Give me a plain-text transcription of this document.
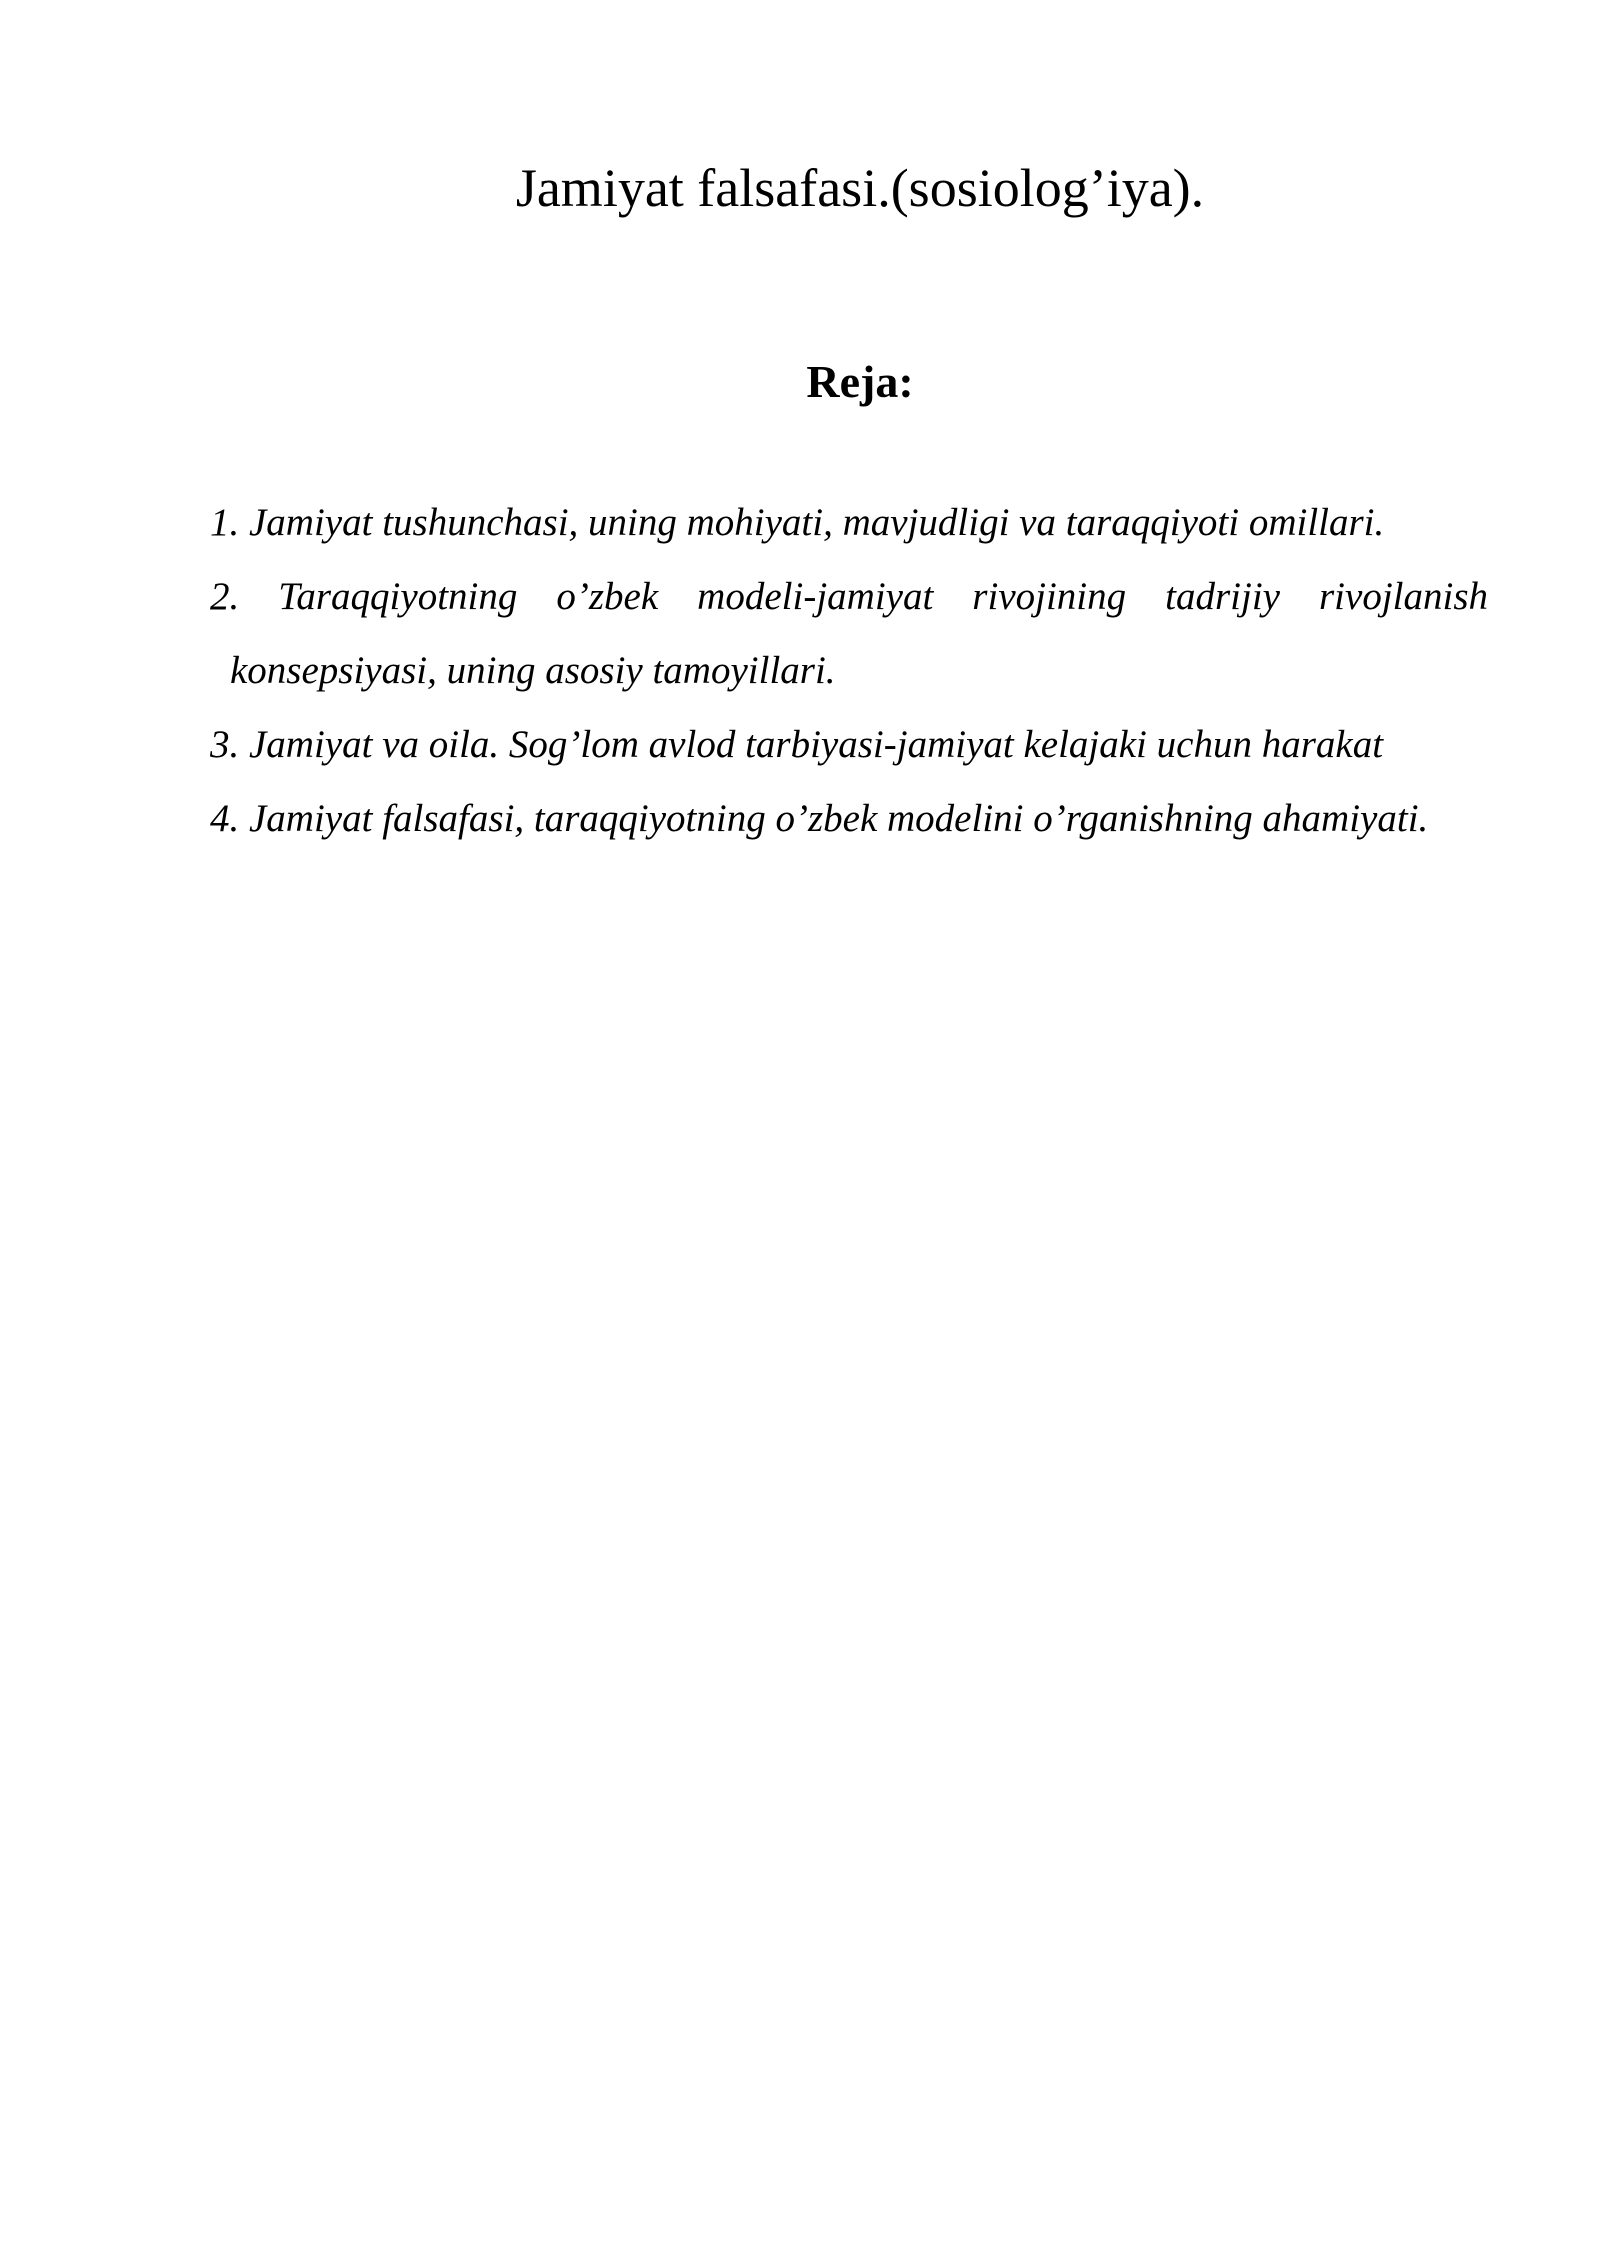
Jamiyat falsafasi.(sosiolog’iya).
Reja:
1. Jamiyat tushunchasi, uning mohiyati, mavjudligi va taraqqiyoti omillari.
2. Taraqqiyotning o’zbek modeli-jamiyat rivojining tadrijiy rivojlanish konsepsiyasi, uning asosiy tamoyillari.
3. Jamiyat va oila. Sog’lom avlod tarbiyasi-jamiyat kelajaki uchun harakat
4. Jamiyat falsafasi, taraqqiyotning o’zbek modelini o’rganishning ahamiyati.
